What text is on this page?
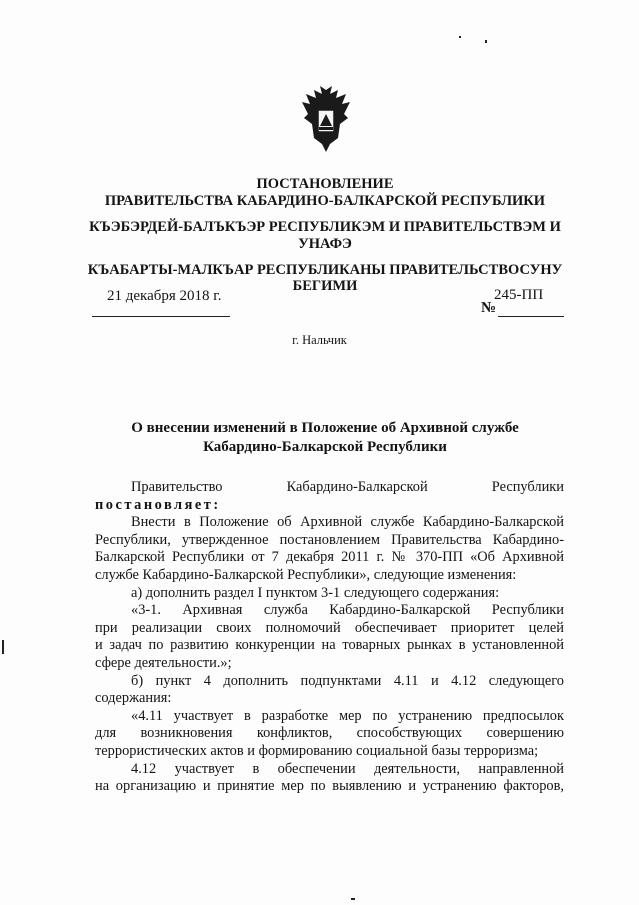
ПОСТАНОВЛЕНИЕ
ПРАВИТЕЛЬСТВА КАБАРДИНО-БАЛКАРСКОЙ РЕСПУБЛИКИ
КЪЭБЭРДЕЙ-БАЛЪКЪЭР РЕСПУБЛИКЭМ И ПРАВИТЕЛЬСТВЭМ И
УНАФЭ
КЪАБАРТЫ-МАЛКЪАР РЕСПУБЛИКАНЫ ПРАВИТЕЛЬСТВОСУНУ
БЕГИМИ
21 декабря 2018 г.	245-ПП
№
г. Нальчик
О внесении изменений в Положение об Архивной службе
Кабардино-Балкарской Республики

Правительство	Кабардино-Балкарской	Республики

постановляет:

Внести в Положение об Архивной службе Кабардино-Балкарской

Республики, утвержденное постановлением Правительства Кабардино-

Балкарской Республики от 7 декабря 2011 г. № 370-ПП «Об Архивной

службе Кабардино-Балкарской Республики», следующие изменения:

а) дополнить раздел I пунктом 3-1 следующего содержания:

«3-1. Архивная служба Кабардино-Балкарской Республики

при реализации своих полномочий обеспечивает приоритет целей

и задач по развитию конкуренции на товарных рынках в установленной

сфере деятельности.»;

б) пункт 4 дополнить подпунктами 4.11 и 4.12 следующего

содержания:

«4.11 участвует в разработке мер по устранению предпосылок

для возникновения конфликтов, способствующих совершению

террористических актов и формированию социальной базы терроризма;

4.12 участвует в обеспечении деятельности, направленной

на организацию и принятие мер по выявлению и устранению факторов,
